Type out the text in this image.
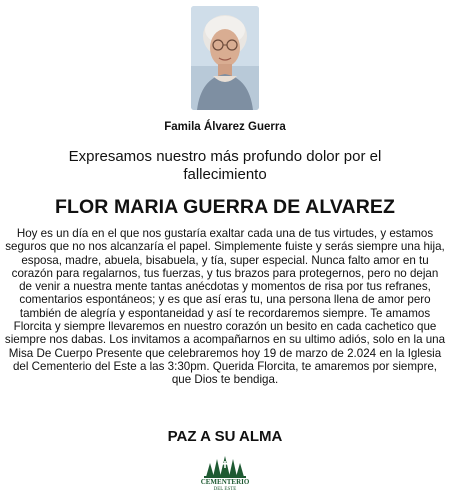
Famila Álvarez Guerra
Expresamos nuestro más profundo dolor por el fallecimiento
FLOR MARIA GUERRA DE ALVAREZ
Hoy es un día en el que nos gustaría exaltar cada una de tus virtudes, y estamos seguros que no nos alcanzaría el papel. Simplemente fuiste y serás siempre una hija, esposa, madre, abuela, bisabuela, y tía, super especial. Nunca falto amor en tu corazón para regalarnos, tus fuerzas, y tus brazos para protegernos, pero no dejan de venir a nuestra mente tantas anécdotas y momentos de risa por tus refranes, comentarios espontáneos; y es que así eras tu, una persona llena de amor pero también de alegría y espontaneidad y así te recordaremos siempre. Te amamos Florcita y siempre llevaremos en nuestro corazón un besito en cada cachetico que siempre nos dabas. Los invitamos a acompañarnos en su ultimo adiós, solo en la una Misa De Cuerpo Presente que celebraremos hoy 19 de marzo de 2.024 en la Iglesia del Cementerio del Este a las 3:30pm. Querida Florcita, te amaremos por siempre, que Dios te bendiga.
PAZ A SU ALMA
CEMENTERIO
DEL ESTE
